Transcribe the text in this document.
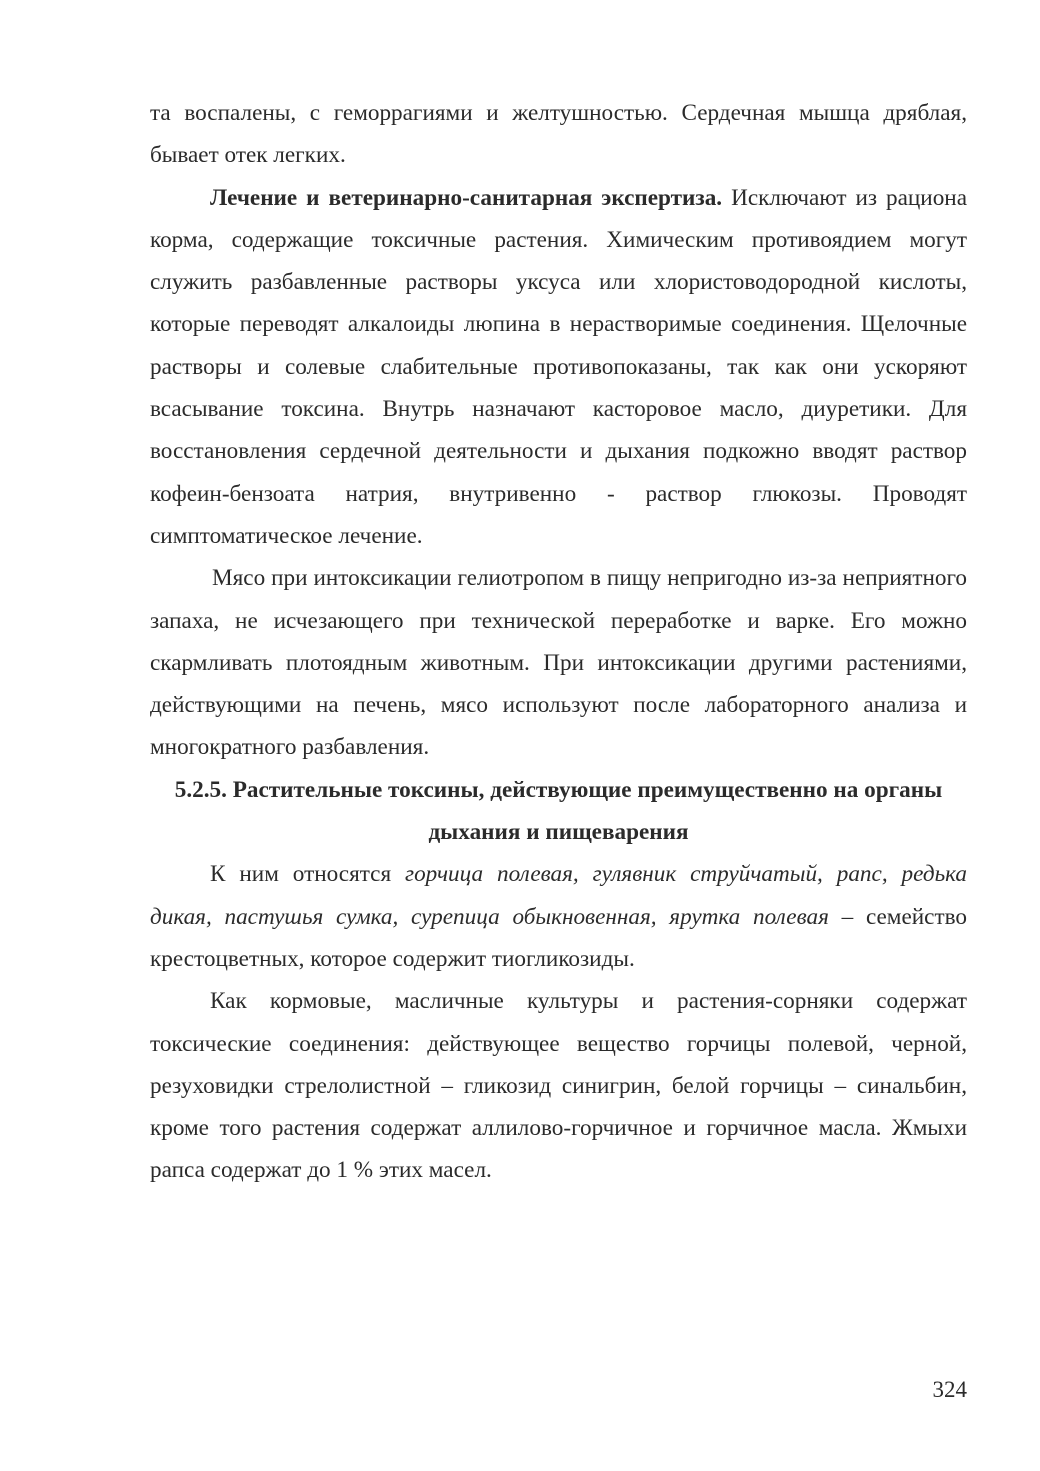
та воспалены, с геморрагиями и желтушностью. Сердечная мышца дряблая, бывает отек легких.

Лечение и ветеринарно-санитарная экспертиза. Исключают из рациона корма, содержащие токсичные растения. Химическим противоядием могут служить разбавленные растворы уксуса или хлористоводородной кислоты, которые переводят алкалоиды люпина в нерастворимые соединения. Щелочные растворы и солевые слабительные противопоказаны, так как они ускоряют всасывание токсина. Внутрь назначают касторовое масло, диуретики. Для восстановления сердечной деятельности и дыхания подкожно вводят раствор кофеин-бензоата натрия, внутривенно - раствор глюкозы. Проводят симптоматическое лечение.

Мясо при интоксикации гелиотропом в пищу непригодно из-за неприятного запаха, не исчезающего при технической переработке и варке. Его можно скармливать плотоядным животным. При интоксикации другими растениями, действующими на печень, мясо используют после лабораторного анализа и многократного разбавления.

5.2.5. Растительные токсины, действующие преимущественно на органы
дыхания и пищеварения

К ним относятся горчица полевая, гулявник струйчатый, рапс, редька дикая, пастушья сумка, сурепица обыкновенная, ярутка полевая – семейство крестоцветных, которое содержит тиогликозиды.

Как кормовые, масличные культуры и растения-сорняки содержат токсические соединения: действующее вещество горчицы полевой, черной, резуховидки стрелолистной – гликозид синигрин, белой горчицы – синальбин, кроме того растения содержат аллилово-горчичное и горчичное масла. Жмыхи рапса содержат до 1 % этих масел.

324
